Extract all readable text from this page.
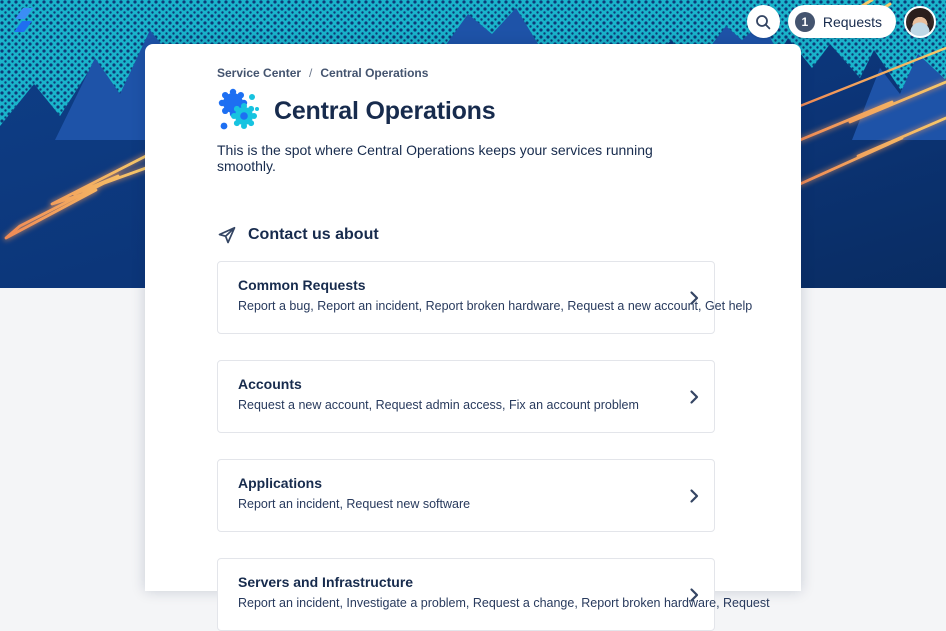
1	Requests
Service Center / Central Operations
Central Operations

This is the spot where Central Operations keeps your services running smoothly.

Contact us about
Common Requests
Report a bug, Report an incident, Report broken hardware, Request a new account, Get help
Accounts
Request a new account, Request admin access, Fix an account problem
Applications
Report an incident, Request new software
Servers and Infrastructure
Report an incident, Investigate a problem, Request a change, Report broken hardware, Request
